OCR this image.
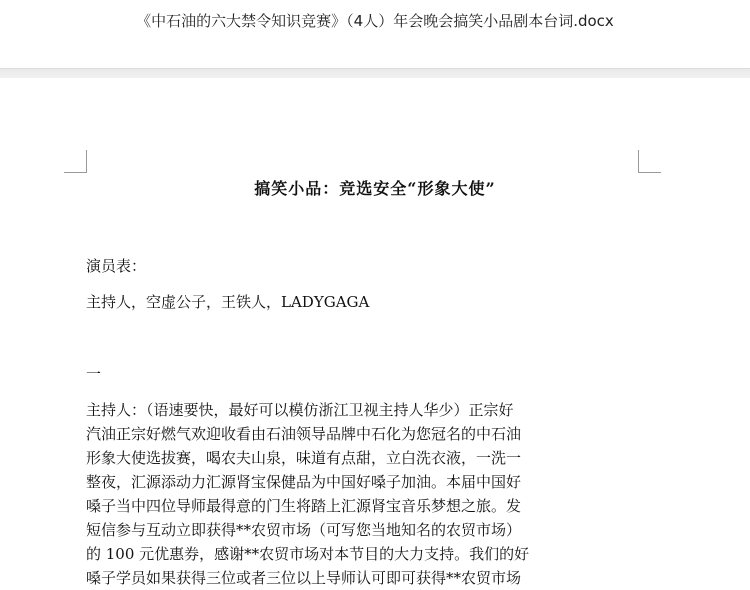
《中石油的六大禁令知识竞赛》（4人）年会晚会搞笑小品剧本台词.docx
搞笑小品：竞选安全“形象大使”
演员表：
主持人，空虚公子，王铁人，LADYGAGA
一
主持人：（语速要快，最好可以模仿浙江卫视主持人华少）正宗好
汽油正宗好燃气欢迎收看由石油领导品牌中石化为您冠名的中石油
形象大使选拔赛，喝农夫山泉，味道有点甜，立白洗衣液，一洗一
整夜，汇源添动力汇源肾宝保健品为中国好嗓子加油。本届中国好
嗓子当中四位导师最得意的门生将踏上汇源肾宝音乐梦想之旅。发
短信参与互动立即获得**农贸市场（可写您当地知名的农贸市场）
的 100 元优惠券，感谢**农贸市场对本节目的大力支持。我们的好
嗓子学员如果获得三位或者三位以上导师认可即可获得**农贸市场
